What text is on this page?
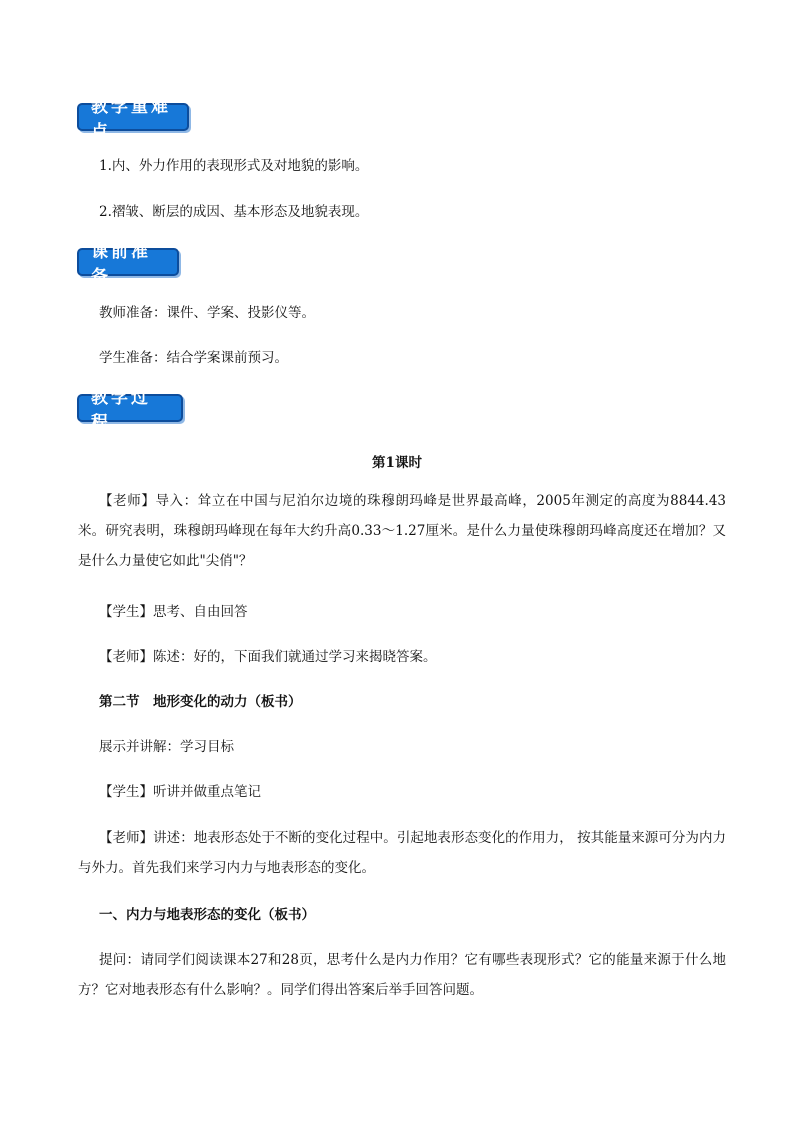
教学重难点
1.内、外力作用的表现形式及对地貌的影响。
2.褶皱、断层的成因、基本形态及地貌表现。
课前准备
教师准备：课件、学案、投影仪等。
学生准备：结合学案课前预习。
教学过程
第1课时
【老师】导入：耸立在中国与尼泊尔边境的珠穆朗玛峰是世界最高峰，2005年测定的高度为8844.43米。研究表明，珠穆朗玛峰现在每年大约升高0.33～1.27厘米。是什么力量使珠穆朗玛峰高度还在增加？又是什么力量使它如此"尖俏"？
【学生】思考、自由回答
【老师】陈述：好的，下面我们就通过学习来揭晓答案。
第二节　地形变化的动力（板书）
展示并讲解：学习目标
【学生】听讲并做重点笔记
【老师】讲述：地表形态处于不断的变化过程中。引起地表形态变化的作用力， 按其能量来源可分为内力与外力。首先我们来学习内力与地表形态的变化。
一、内力与地表形态的变化（板书）
提问：请同学们阅读课本27和28页，思考什么是内力作用？它有哪些表现形式？它的能量来源于什么地方？它对地表形态有什么影响？。同学们得出答案后举手回答问题。
